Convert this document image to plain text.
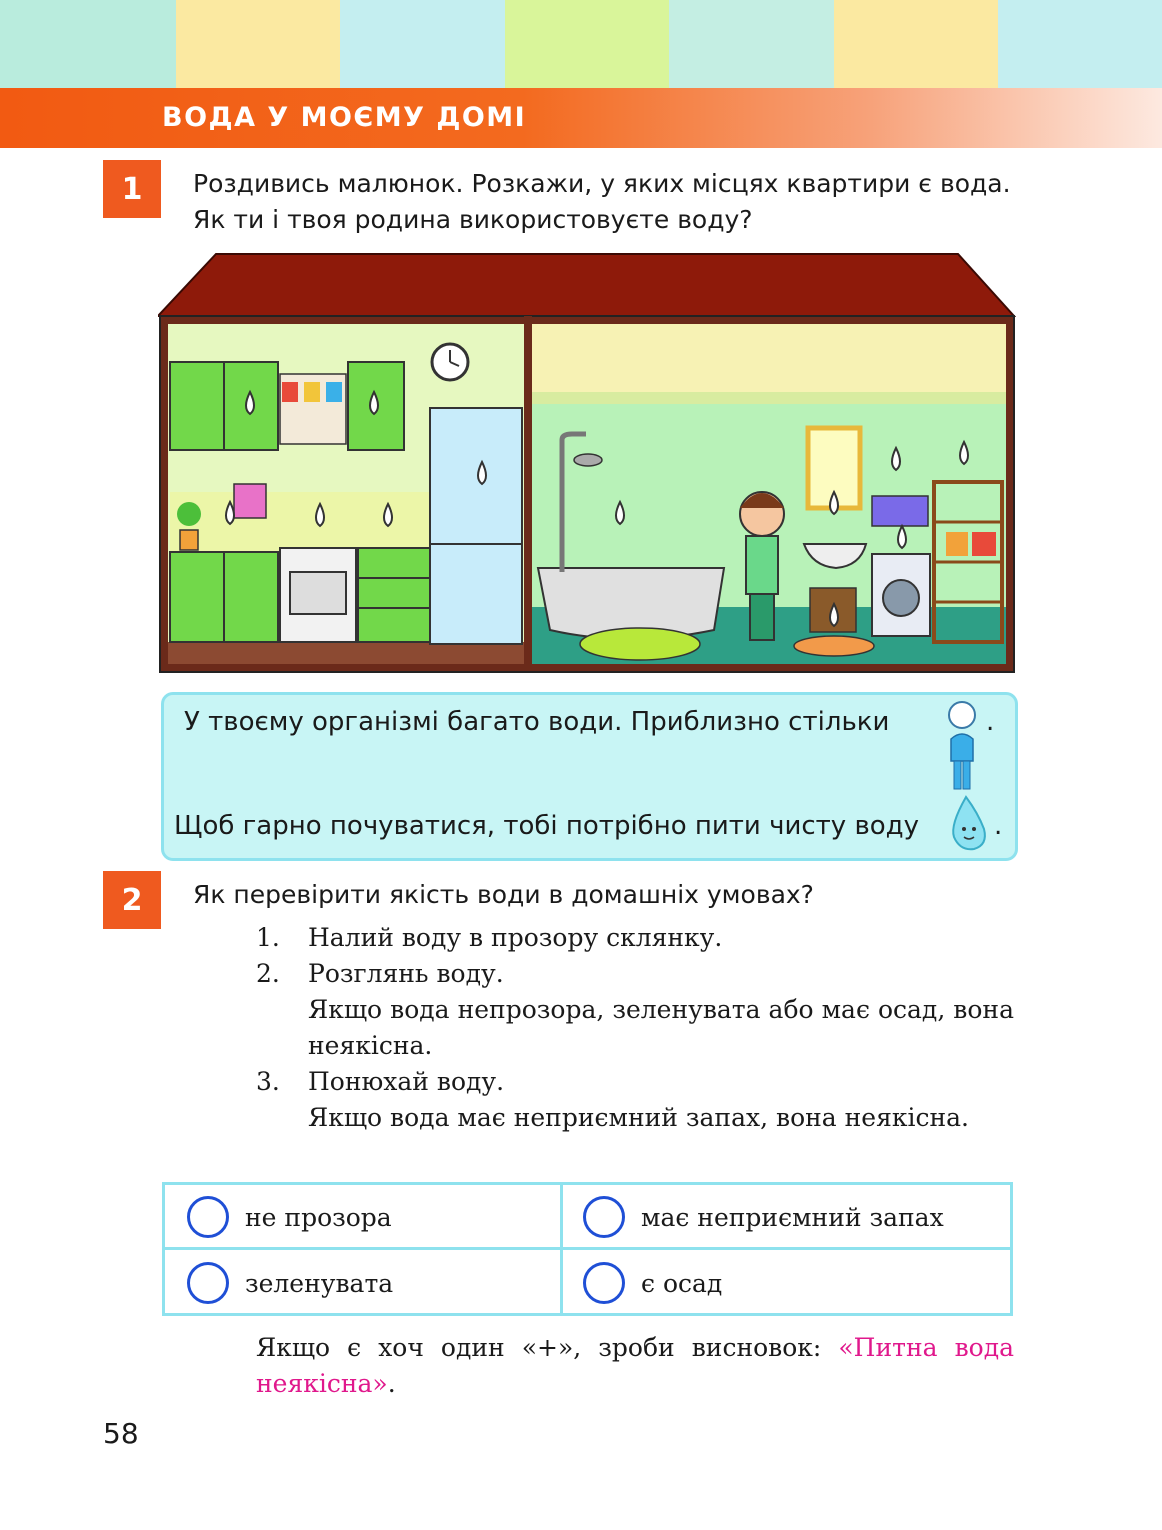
ВОДА У МОЄМУ ДОМІ
1	Роздивись малюнок. Розкажи, у яких місцях квартири є вода.
Як ти і твоя родина використовуєте воду?
У твоєму організмі багато води. Приблизно стільки	.
Щоб гарно почуватися, тобі потрібно пити чисту воду	.
2	Як перевірити якість води в домашніх умовах?
1.	Налий воду в прозору склянку.
2.	Розглянь воду.
Якщо вода непрозора, зеленувата або має осад, вона неякісна.
3.	Понюхай воду.
Якщо вода має неприємний запах, вона неякісна.
не прозора	має неприємний запах
зеленувата	є осад
Якщо є хоч один «+», зроби висновок: «Питна вода неякісна».
58
